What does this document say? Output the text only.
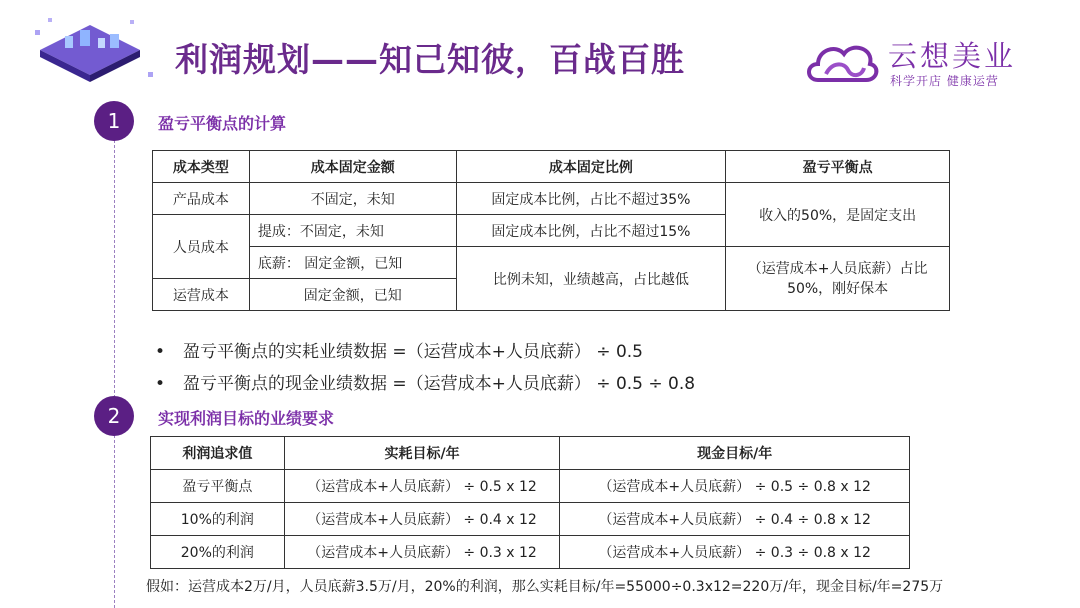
利润规划——知己知彼，百战百胜	云想美业
科学开店 健康运营
1	盈亏平衡点的计算
成本类型	成本固定金额	成本固定比例	盈亏平衡点
产品成本	不固定，未知	固定成本比例，占比不超过35%	收入的50%，是固定支出
人员成本	提成：不固定，未知	固定成本比例，占比不超过15%	
	底薪： 固定金额，已知	比例未知，业绩越高，占比越低	（运营成本+人员底薪）占比50%，刚好保本
运营成本	固定金额，已知		
• 盈亏平衡点的实耗业绩数据 =（运营成本+人员底薪） ÷ 0.5
• 盈亏平衡点的现金业绩数据 =（运营成本+人员底薪） ÷ 0.5 ÷ 0.8
2	实现利润目标的业绩要求
利润追求值	实耗目标/年	现金目标/年
盈亏平衡点	（运营成本+人员底薪） ÷ 0.5 x 12	（运营成本+人员底薪） ÷ 0.5 ÷ 0.8 x 12
10%的利润	（运营成本+人员底薪） ÷ 0.4 x 12	（运营成本+人员底薪） ÷ 0.4 ÷ 0.8 x 12
20%的利润	（运营成本+人员底薪） ÷ 0.3 x 12	（运营成本+人员底薪） ÷ 0.3 ÷ 0.8 x 12
假如：运营成本2万/月，人员底薪3.5万/月，20%的利润，那么实耗目标/年=55000÷0.3x12=220万/年，现金目标/年=275万
